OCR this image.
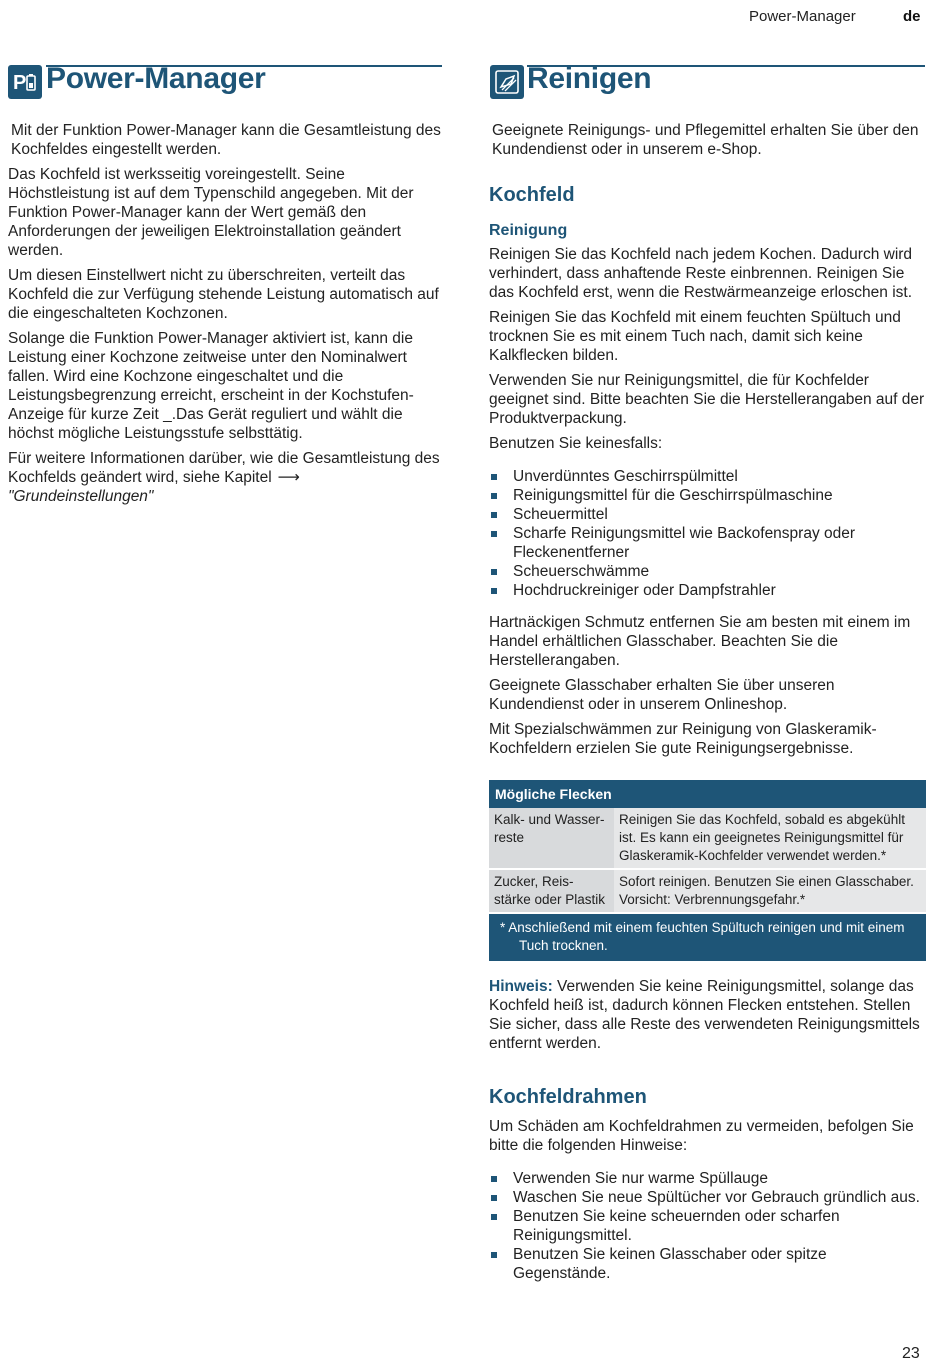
Power-Manager	de
P Power-Manager

Mit der Funktion Power-Manager kann die Gesamtleistung des Kochfeldes eingestellt werden.

Das Kochfeld ist werksseitig voreingestellt. Seine Höchstleistung ist auf dem Typenschild angegeben. Mit der Funktion Power-Manager kann der Wert gemäß den Anforderungen der jeweiligen Elektroinstallation geändert werden.

Um diesen Einstellwert nicht zu überschreiten, verteilt das Kochfeld die zur Verfügung stehende Leistung automatisch auf die eingeschalteten Kochzonen.

Solange die Funktion Power-Manager aktiviert ist, kann die Leistung einer Kochzone zeitweise unter den Nominalwert fallen. Wird eine Kochzone eingeschaltet und die Leistungsbegrenzung erreicht, erscheint in der Kochstufen-Anzeige für kurze Zeit _.Das Gerät reguliert und wählt die höchst mögliche Leistungsstufe selbsttätig.

Für weitere Informationen darüber, wie die Gesamtleistung des Kochfelds geändert wird, siehe Kapitel ⟶"Grundeinstellungen"

Reinigen

Geeignete Reinigungs- und Pflegemittel erhalten Sie über den Kundendienst oder in unserem e-Shop.

Kochfeld
Reinigung

Reinigen Sie das Kochfeld nach jedem Kochen. Dadurch wird verhindert, dass anhaftende Reste einbrennen. Reinigen Sie das Kochfeld erst, wenn die Restwärmeanzeige erloschen ist.

Reinigen Sie das Kochfeld mit einem feuchten Spültuch und trocknen Sie es mit einem Tuch nach, damit sich keine Kalkflecken bilden.

Verwenden Sie nur Reinigungsmittel, die für Kochfelder geeignet sind. Bitte beachten Sie die Herstellerangaben auf der Produktverpackung.

Benutzen Sie keinesfalls:

Unverdünntes Geschirrspülmittel
Reinigungsmittel für die Geschirrspülmaschine
Scheuermittel
Scharfe Reinigungsmittel wie Backofenspray oder Fleckenentferner
Scheuerschwämme
Hochdruckreiniger oder Dampfstrahler

Hartnäckigen Schmutz entfernen Sie am besten mit einem im Handel erhältlichen Glasschaber. Beachten Sie die Herstellerangaben.

Geeignete Glasschaber erhalten Sie über unseren Kundendienst oder in unserem Onlineshop.

Mit Spezialschwämmen zur Reinigung von Glaskeramik-Kochfeldern erzielen Sie gute Reinigungsergebnisse.

Mögliche Flecken	
Kalk- und Wasser-reste	Reinigen Sie das Kochfeld, sobald es abgekühlt ist. Es kann ein geeignetes Reinigungsmittel für Glaskeramik-Kochfelder verwendet werden.*
Zucker, Reis-stärke oder Plastik	Sofort reinigen. Benutzen Sie einen Glasschaber. Vorsicht: Verbrennungsgefahr.*

* Anschließend mit einem feuchten Spültuch reinigen und mit einem Tuch trocknen.	

Hinweis: Verwenden Sie keine Reinigungsmittel, solange das Kochfeld heiß ist, dadurch können Flecken entstehen. Stellen Sie sicher, dass alle Reste des verwendeten Reinigungsmittels entfernt werden.

Kochfeldrahmen

Um Schäden am Kochfeldrahmen zu vermeiden, befolgen Sie bitte die folgenden Hinweise:

Verwenden Sie nur warme Spüllauge
Waschen Sie neue Spültücher vor Gebrauch gründlich aus.
Benutzen Sie keine scheuernden oder scharfen Reinigungsmittel.
Benutzen Sie keinen Glasschaber oder spitze Gegenstände.
23
